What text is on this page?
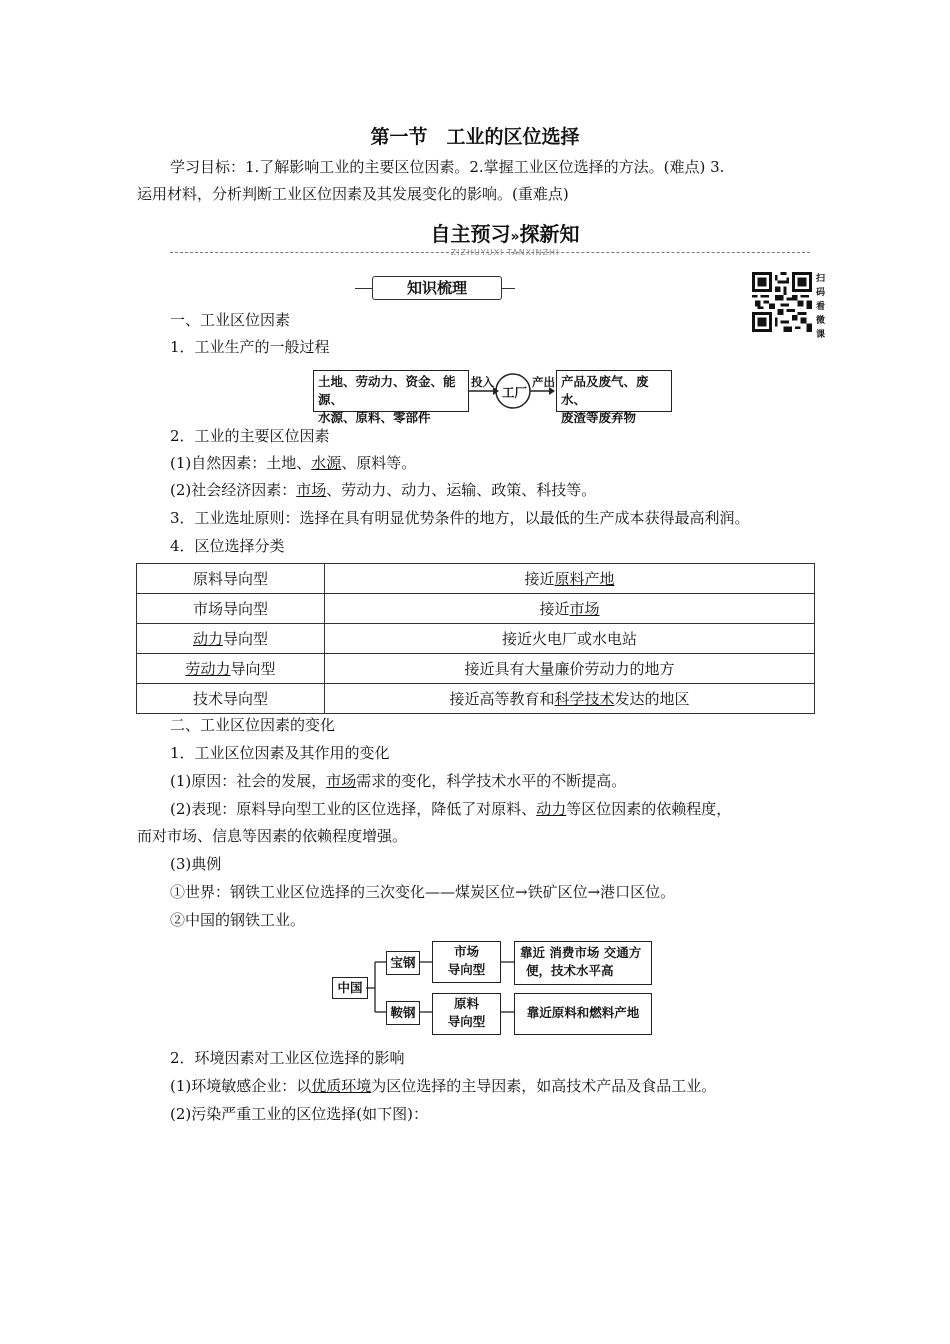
第一节　工业的区位选择
学习目标：1.了解影响工业的主要区位因素。2.掌握工业区位选择的方法。(难点) 3.
运用材料，分析判断工业区位因素及其发展变化的影响。(重难点)
自主预习»探新知
ZIZHUYUXI TANXINZHI
知识梳理	扫码看微课
一、工业区位因素
1．工业生产的一般过程
土地、劳动力、资金、能源、
水源、原料、零部件
投入
工厂
产出 产品及废气、废水、
废渣等废弃物
2．工业的主要区位因素
(1)自然因素：土地、水源、原料等。
(2)社会经济因素：市场、劳动力、动力、运输、政策、科技等。
3．工业选址原则：选择在具有明显优势条件的地方，以最低的生产成本获得最高利润。
4．区位选择分类
原料导向型	接近原料产地
市场导向型	接近市场
动力导向型	接近火电厂或水电站
劳动力导向型	接近具有大量廉价劳动力的地方
技术导向型	接近高等教育和科学技术发达的地区
二、工业区位因素的变化
1．工业区位因素及其作用的变化
(1)原因：社会的发展，市场需求的变化，科学技术水平的不断提高。
(2)表现：原料导向型工业的区位选择，降低了对原料、动力等区位因素的依赖程度，
而对市场、信息等因素的依赖程度增强。
(3)典例
①世界：钢铁工业区位选择的三次变化——煤炭区位→铁矿区位→港口区位。
②中国的钢铁工业。
中国
宝钢
鞍钢
市场
导向型
原料
导向型
靠近 消费市场 交通方
便，技术水平高
靠近原料和燃料产地
2．环境因素对工业区位选择的影响
(1)环境敏感企业：以优质环境为区位选择的主导因素，如高技术产品及食品工业。
(2)污染严重工业的区位选择(如下图)：
